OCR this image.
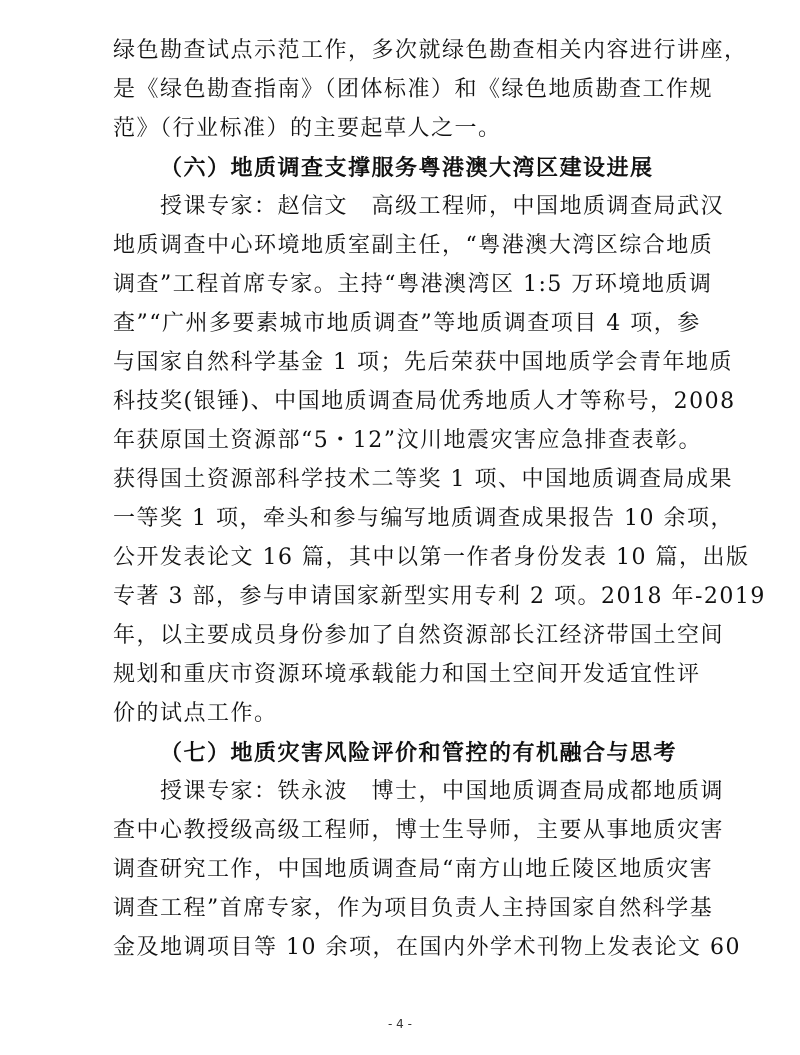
绿色勘查试点示范工作，多次就绿色勘查相关内容进行讲座，
是《绿色勘查指南》（团体标准）和《绿色地质勘查工作规
范》（行业标准）的主要起草人之一。
（六）地质调查支撑服务粤港澳大湾区建设进展
授课专家：赵信文　高级工程师，中国地质调查局武汉
地质调查中心环境地质室副主任，“粤港澳大湾区综合地质
调查”工程首席专家。主持“粤港澳湾区 1:5 万环境地质调
查”“广州多要素城市地质调查”等地质调查项目 4 项，参
与国家自然科学基金 1 项；先后荣获中国地质学会青年地质
科技奖(银锤)、中国地质调查局优秀地质人才等称号，2008
年获原国土资源部“5・12”汶川地震灾害应急排查表彰。
获得国土资源部科学技术二等奖 1 项、中国地质调查局成果
一等奖 1 项，牵头和参与编写地质调查成果报告 10 余项，
公开发表论文 16 篇，其中以第一作者身份发表 10 篇，出版
专著 3 部，参与申请国家新型实用专利 2 项。2018 年-2019
年，以主要成员身份参加了自然资源部长江经济带国土空间
规划和重庆市资源环境承载能力和国土空间开发适宜性评
价的试点工作。
（七）地质灾害风险评价和管控的有机融合与思考
授课专家：铁永波　博士，中国地质调查局成都地质调
查中心教授级高级工程师，博士生导师，主要从事地质灾害
调查研究工作，中国地质调查局“南方山地丘陵区地质灾害
调查工程”首席专家，作为项目负责人主持国家自然科学基
金及地调项目等 10 余项，在国内外学术刊物上发表论文 60
- 4 -
